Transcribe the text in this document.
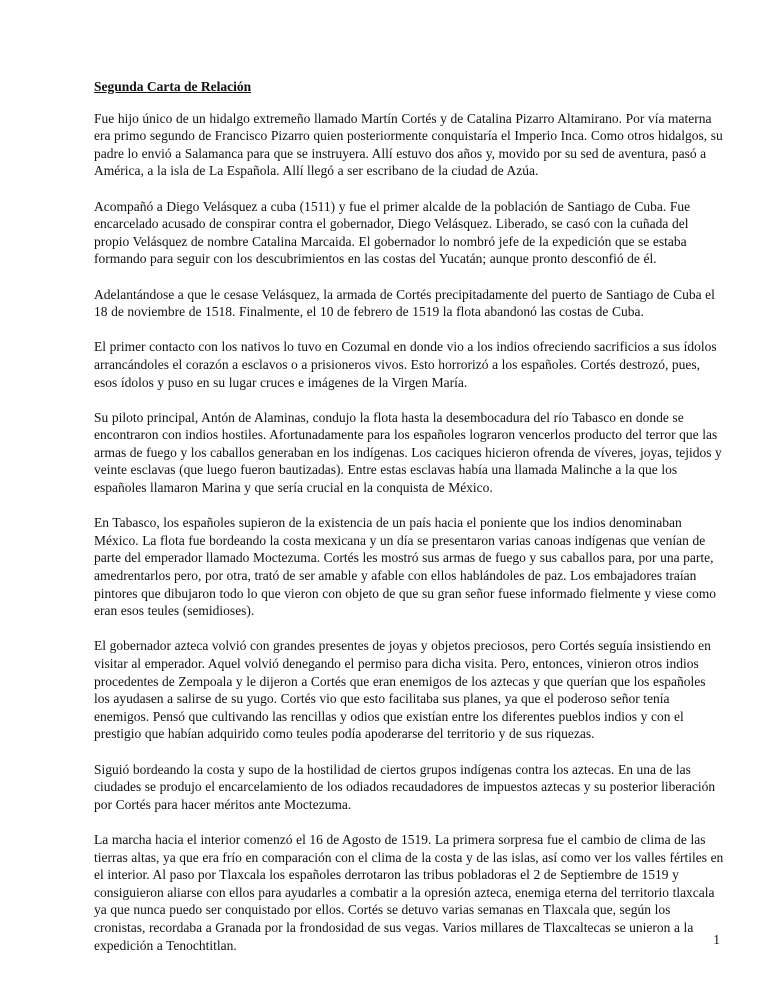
Segunda Carta de Relación

Fue hijo único de un hidalgo extremeño llamado Martín Cortés y de Catalina Pizarro Altamirano. Por vía materna era primo segundo de Francisco Pizarro quien posteriormente conquistaría el Imperio Inca. Como otros hidalgos, su padre lo envió a Salamanca para que se instruyera. Allí estuvo dos años y, movido por su sed de aventura, pasó a América, a la isla de La Española. Allí llegó a ser escribano de la ciudad de Azúa.

Acompañó a Diego Velásquez a cuba (1511) y fue el primer alcalde de la población de Santiago de Cuba. Fue encarcelado acusado de conspirar contra el gobernador, Diego Velásquez. Liberado, se casó con la cuñada del propio Velásquez de nombre Catalina Marcaida. El gobernador lo nombró jefe de la expedición que se estaba formando para seguir con los descubrimientos en las costas del Yucatán; aunque pronto desconfió de él.

Adelantándose a que le cesase Velásquez, la armada de Cortés precipitadamente del puerto de Santiago de Cuba el 18 de noviembre de 1518. Finalmente, el 10 de febrero de 1519 la flota abandonó las costas de Cuba.

El primer contacto con los nativos lo tuvo en Cozumal en donde vio a los indios ofreciendo sacrificios a sus ídolos arrancándoles el corazón a esclavos o a prisioneros vivos. Esto horrorizó a los españoles. Cortés destrozó, pues, esos ídolos y puso en su lugar cruces e imágenes de la Virgen María.

Su piloto principal, Antón de Alaminas, condujo la flota hasta la desembocadura del río Tabasco en donde se encontraron con indios hostiles. Afortunadamente para los españoles lograron vencerlos producto del terror que las armas de fuego y los caballos generaban en los indígenas. Los caciques hicieron ofrenda de víveres, joyas, tejidos y veinte esclavas (que luego fueron bautizadas). Entre estas esclavas había una llamada Malinche a la que los españoles llamaron Marina y que sería crucial en la conquista de México.

En Tabasco, los españoles supieron de la existencia de un país hacia el poniente que los indios denominaban México. La flota fue bordeando la costa mexicana y un día se presentaron varias canoas indígenas que venían de parte del emperador llamado Moctezuma. Cortés les mostró sus armas de fuego y sus caballos para, por una parte, amedrentarlos pero, por otra, trató de ser amable y afable con ellos hablándoles de paz. Los embajadores traían pintores que dibujaron todo lo que vieron con objeto de que su gran señor fuese informado fielmente y viese como eran esos teules (semidioses).

El gobernador azteca volvió con grandes presentes de joyas y objetos preciosos, pero Cortés seguía insistiendo en visitar al emperador. Aquel volvió denegando el permiso para dicha visita. Pero, entonces, vinieron otros indios procedentes de Zempoala y le dijeron a Cortés que eran enemigos de los aztecas y que querían que los españoles los ayudasen a salirse de su yugo. Cortés vio que esto facilitaba sus planes, ya que el poderoso señor tenía enemigos. Pensó que cultivando las rencillas y odios que existían entre los diferentes pueblos indios y con el prestigio que habían adquirido como teules podía apoderarse del territorio y de sus riquezas.

Siguió bordeando la costa y supo de la hostilidad de ciertos grupos indígenas contra los aztecas. En una de las ciudades se produjo el encarcelamiento de los odiados recaudadores de impuestos aztecas y su posterior liberación por Cortés para hacer méritos ante Moctezuma.

La marcha hacia el interior comenzó el 16 de Agosto de 1519. La primera sorpresa fue el cambio de clima de las tierras altas, ya que era frío en comparación con el clima de la costa y de las islas, así como ver los valles fértiles en el interior. Al paso por Tlaxcala los españoles derrotaron las tribus pobladoras el 2 de Septiembre de 1519 y consiguieron aliarse con ellos para ayudarles a combatir a la opresión azteca, enemiga eterna del territorio tlaxcala ya que nunca puedo ser conquistado por ellos. Cortés se detuvo varias semanas en Tlaxcala que, según los cronistas, recordaba a Granada por la frondosidad de sus vegas. Varios millares de Tlaxcaltecas se unieron a la expedición a Tenochtitlan.	1
